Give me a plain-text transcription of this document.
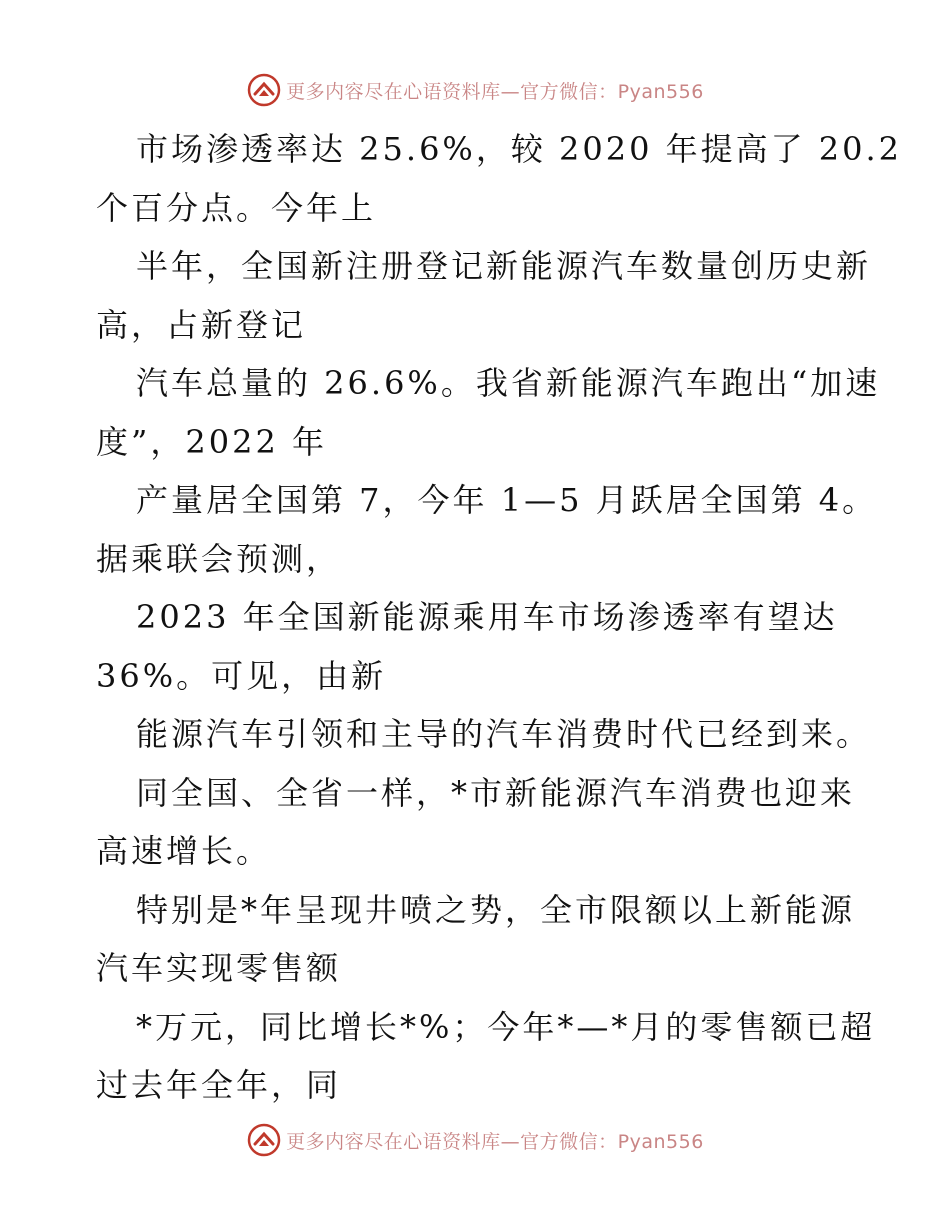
更多内容尽在心语资料库—官方微信：Pyan556

市场渗透率达 25.6%，较 2020 年提高了 20.2
个百分点。今年上

半年，全国新注册登记新能源汽车数量创历史新
高，占新登记

汽车总量的 26.6%。我省新能源汽车跑出“加速
度”，2022 年

产量居全国第 7，今年 1—5 月跃居全国第 4。
据乘联会预测，

2023 年全国新能源乘用车市场渗透率有望达
36%。可见，由新

能源汽车引领和主导的汽车消费时代已经到来。

同全国、全省一样，*市新能源汽车消费也迎来
高速增长。

特别是*年呈现井喷之势，全市限额以上新能源
汽车实现零售额

*万元，同比增长*%；今年*—*月的零售额已超
过去年全年，同

更多内容尽在心语资料库—官方微信：Pyan556
